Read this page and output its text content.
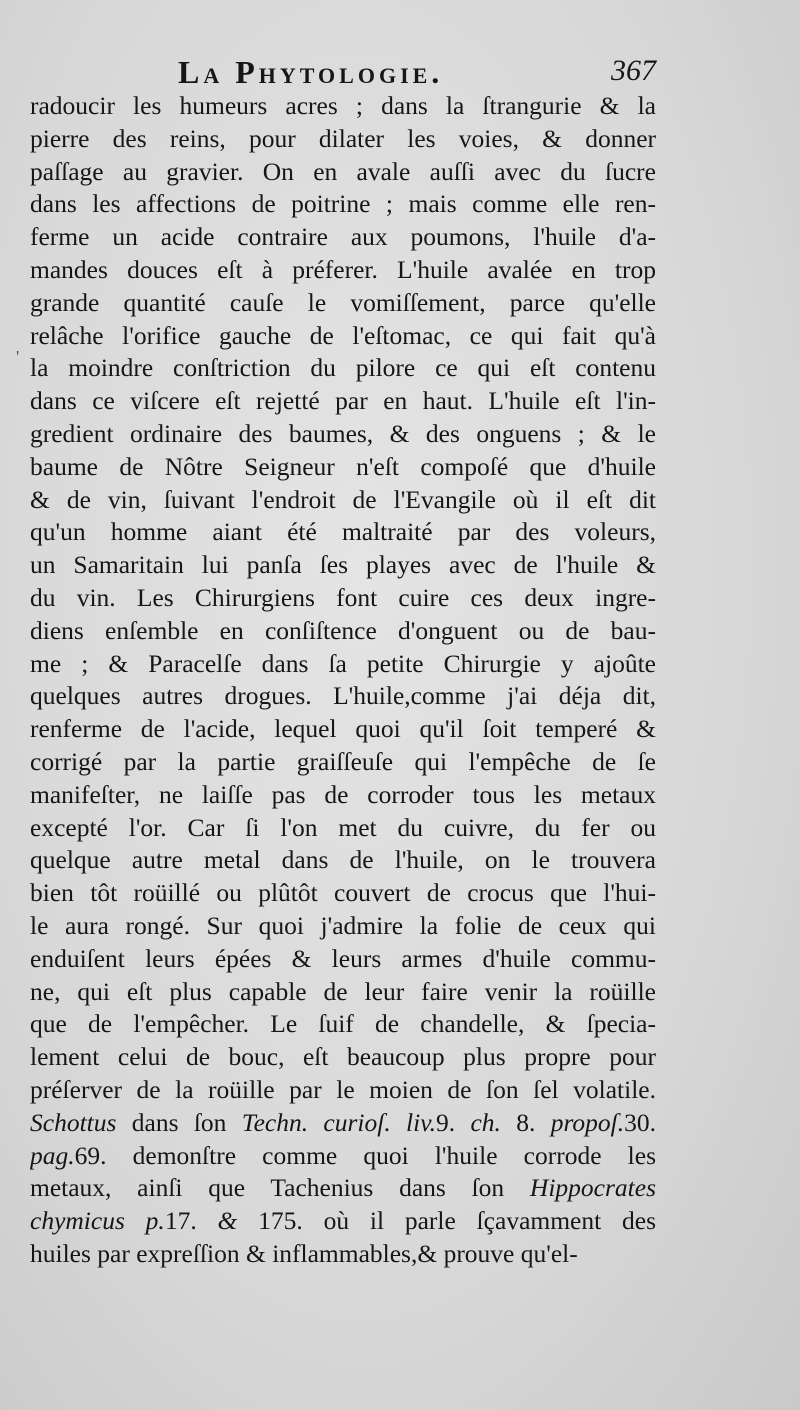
La Phytologie.	367
'
radoucir les humeurs acres ; dans la ſtrangurie & la
pierre des reins, pour dilater les voies, & donner
paſſage au gravier. On en avale auſſi avec du ſucre
dans les affections de poitrine ; mais comme elle ren-
ferme un acide contraire aux poumons, l'huile d'a-
mandes douces eſt à préferer. L'huile avalée en trop
grande quantité cauſe le vomiſſement, parce qu'elle
relâche l'orifice gauche de l'eſtomac, ce qui fait qu'à
la moindre conſtriction du pilore ce qui eſt contenu
dans ce viſcere eſt rejetté par en haut. L'huile eſt l'in-
gredient ordinaire des baumes, & des onguens ; & le
baume de Nôtre Seigneur n'eſt compoſé que d'huile
& de vin, ſuivant l'endroit de l'Evangile où il eſt dit
qu'un homme aiant été maltraité par des voleurs,
un Samaritain lui panſa ſes playes avec de l'huile &
du vin. Les Chirurgiens font cuire ces deux ingre-
diens enſemble en conſiſtence d'onguent ou de bau-
me ; & Paracelſe dans ſa petite Chirurgie y ajoûte
quelques autres drogues. L'huile,comme j'ai déja dit,
renferme de l'acide, lequel quoi qu'il ſoit temperé &
corrigé par la partie graiſſeuſe qui l'empêche de ſe
manifeſter, ne laiſſe pas de corroder tous les metaux
excepté l'or. Car ſi l'on met du cuivre, du fer ou
quelque autre metal dans de l'huile, on le trouvera
bien tôt roüillé ou plûtôt couvert de crocus que l'hui-
le aura rongé. Sur quoi j'admire la folie de ceux qui
enduiſent leurs épées & leurs armes d'huile commu-
ne, qui eſt plus capable de leur faire venir la roüille
que de l'empêcher. Le ſuif de chandelle, & ſpecia-
lement celui de bouc, eſt beaucoup plus propre pour
préſerver de la roüille par le moien de ſon ſel volatile.
Schottus dans ſon Techn. curioſ. liv.9. ch. 8. propoſ.30.
pag.69. demonſtre comme quoi l'huile corrode les
metaux, ainſi que Tachenius dans ſon Hippocrates
chymicus p.17. & 175. où il parle ſçavamment des
huiles par expreſſion & inflammables,& prouve qu'el-
